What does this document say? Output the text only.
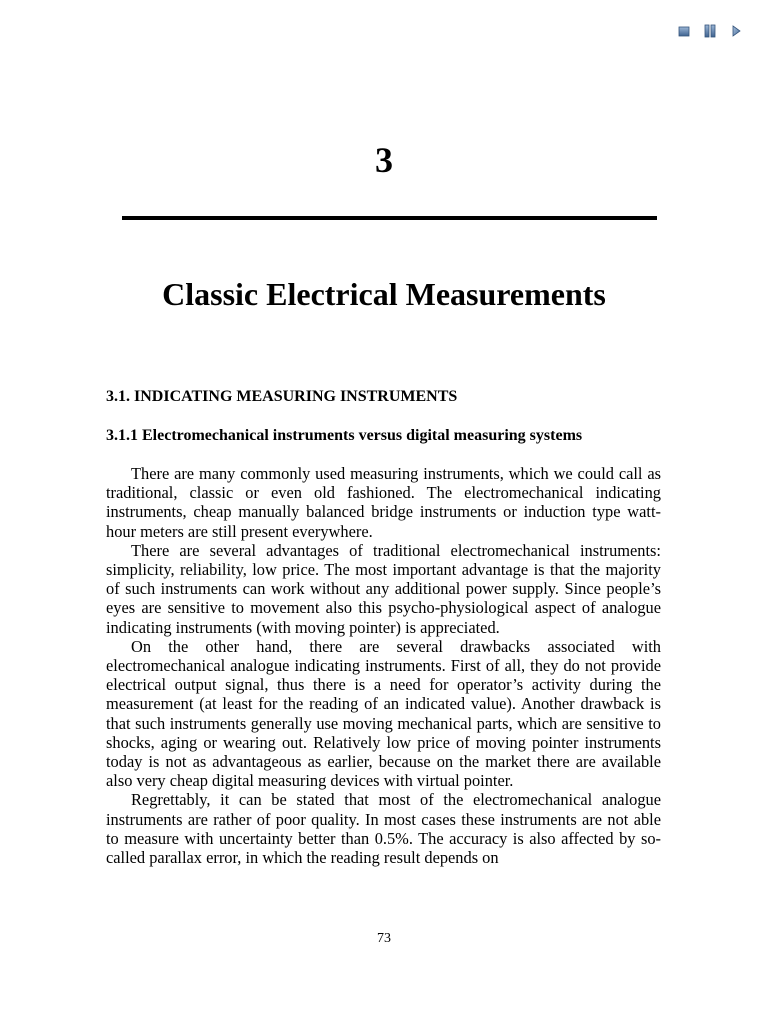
3
Classic Electrical Measurements
3.1. INDICATING MEASURING INSTRUMENTS
3.1.1 Electromechanical instruments versus digital measuring systems

There are many commonly used measuring instruments, which we could call as traditional, classic or even old fashioned. The electromechanical indicating instruments, cheap manually balanced bridge instruments or induction type watt-hour meters are still present everywhere.

There are several advantages of traditional electromechanical instruments: simplicity, reliability, low price. The most important advantage is that the majority of such instruments can work without any additional power supply. Since people’s eyes are sensitive to movement also this psycho-physiological aspect of analogue indicating instruments (with moving pointer) is appreciated.

On the other hand, there are several drawbacks associated with electromechanical analogue indicating instruments. First of all, they do not provide electrical output signal, thus there is a need for operator’s activity during the measurement (at least for the reading of an indicated value). Another drawback is that such instruments generally use moving mechanical parts, which are sensitive to shocks, aging or wearing out. Relatively low price of moving pointer instruments today is not as advantageous as earlier, because on the market there are available also very cheap digital measuring devices with virtual pointer.

Regrettably, it can be stated that most of the electromechanical analogue instruments are rather of poor quality. In most cases these instruments are not able to measure with uncertainty better than 0.5%. The accuracy is also affected by so-called parallax error, in which the reading result depends on

73
